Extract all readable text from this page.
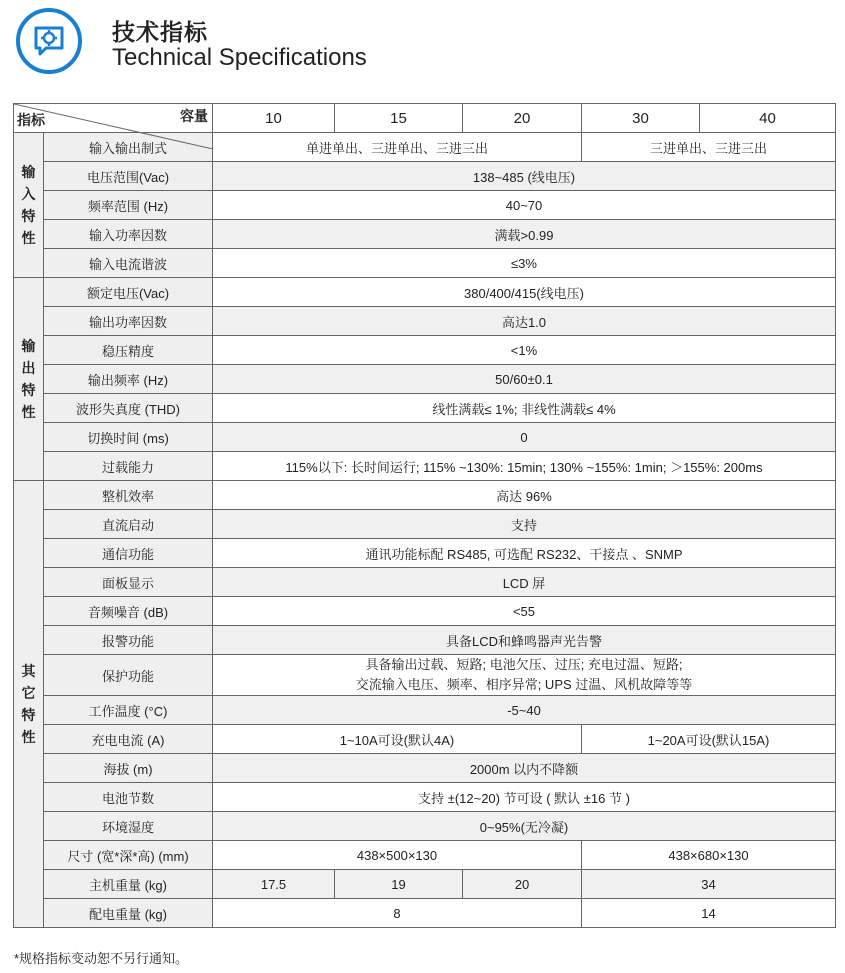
技术指标
Technical Specifications
容量
指标		10	15	20	30	40

输
入
特
性	输入输出制式	单进单出、三进单出、三进三出			三进单出、三进三出	
	电压范围(Vac)	138~485 (线电压)				
	频率范围 (Hz)	40~70				
	输入功率因数	满载>0.99				
	输入电流谐波	≤3%				

输
出
特
性	额定电压(Vac)	380/400/415(线电压)				
	输出功率因数	高达1.0				
	稳压精度	<1%				
	输出频率 (Hz)	50/60±0.1				
	波形失真度 (THD)	线性满载≤ 1%; 非线性满载≤ 4%				
	切换时间 (ms)	0				
	过载能力	115%以下: 长时间运行; 115% ~130%: 15min; 130% ~155%: 1min; ＞155%: 200ms				

其
它
特
性	整机效率	高达 96%				
	直流启动	支持				
	通信功能	通讯功能标配 RS485, 可选配 RS232、干接点 、SNMP				
	面板显示	LCD 屏				
	音频噪音 (dB)	<55				
	报警功能	具备LCD和蜂鸣器声光告警				
	保护功能	具备输出过载、短路; 电池欠压、过压; 充电过温、短路;
交流输入电压、频率、相序异常; UPS 过温、风机故障等等				

	工作温度 (°C)	-5~40				
	充电电流 (A)	1~10A可设(默认4A)			1~20A可设(默认15A)	
	海拔 (m)	2000m 以内不降额				
	电池节数	支持 ±(12~20) 节可设 ( 默认 ±16 节 )				
	环境湿度	0~95%(无冷凝)				
	尺寸 (宽*深*高) (mm)	438×500×130			438×680×130	
	主机重量 (kg)	17.5	19	20	34	
	配电重量 (kg)	8			14	
*规格指标变动恕不另行通知。
